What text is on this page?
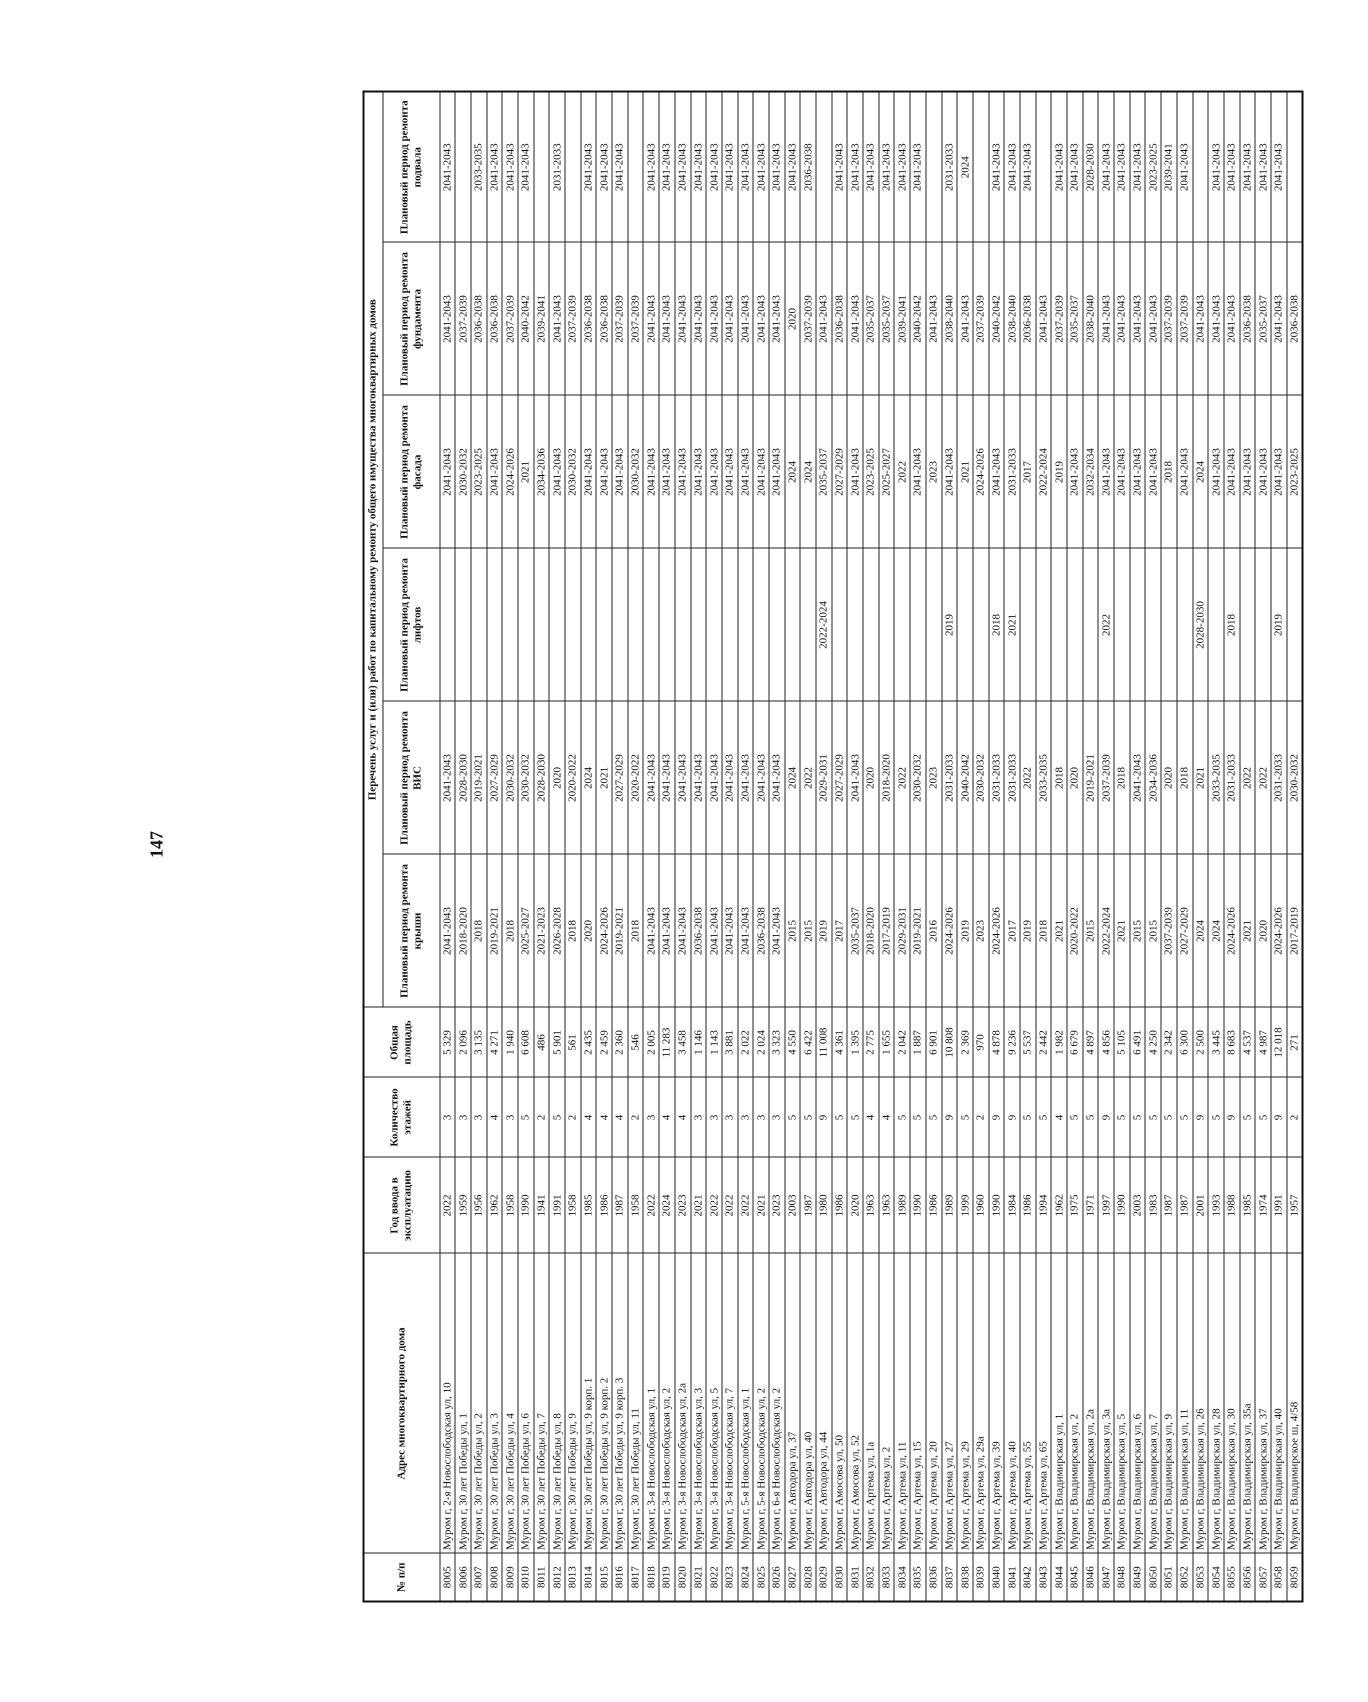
147
№ п/п	Адрес многоквартирного дома	Год ввода в эксплуатацию	Количество этажей	Общая площадь	Перечень услуг и (или) работ по капитальному ремонту общего имущества многоквартирных домов					
					Плановый период ремонта крыши	Плановый период ремонта ВИС	Плановый период ремонта лифтов	Плановый период ремонта фасада	Плановый период ремонта фундамента	Плановый период ремонта подвала
8005	Муром г, 2-я Новослободская ул, 10	2022	3	5 329	2041-2043	2041-2043		2041-2043	2041-2043	2041-2043
8006	Муром г, 30 лет Победы ул, 1	1959	3	2 096	2018-2020	2028-2030		2030-2032	2037-2039	
8007	Муром г, 30 лет Победы ул, 2	1956	3	3 135	2018	2019-2021		2023-2025	2036-2038	2033-2035
8008	Муром г, 30 лет Победы ул, 3	1962	4	4 271	2019-2021	2027-2029		2041-2043	2036-2038	2041-2043
8009	Муром г, 30 лет Победы ул, 4	1958	3	1 940	2018	2030-2032		2024-2026	2037-2039	2041-2043
8010	Муром г, 30 лет Победы ул, 6	1990	5	6 608	2025-2027	2030-2032		2021	2040-2042	2041-2043
8011	Муром г, 30 лет Победы ул, 7	1941	2	486	2021-2023	2028-2030		2034-2036	2039-2041	
8012	Муром г, 30 лет Победы ул, 8	1991	5	5 901	2026-2028	2020		2041-2043	2041-2043	2031-2033
8013	Муром г, 30 лет Победы ул, 9	1958	2	561	2018	2020-2022		2030-2032	2037-2039	
8014	Муром г, 30 лет Победы ул, 9 корп. 1	1985	4	2 435	2020	2024		2041-2043	2036-2038	2041-2043
8015	Муром г, 30 лет Победы ул, 9 корп. 2	1986	4	2 459	2024-2026	2021		2041-2043	2036-2038	2041-2043
8016	Муром г, 30 лет Победы ул, 9 корп. 3	1987	4	2 360	2019-2021	2027-2029		2041-2043	2037-2039	2041-2043
8017	Муром г, 30 лет Победы ул, 11	1958	2	546	2018	2020-2022		2030-2032	2037-2039	
8018	Муром г, 3-я Новослободская ул, 1	2022	3	2 005	2041-2043	2041-2043		2041-2043	2041-2043	2041-2043
8019	Муром г, 3-я Новослободская ул, 2	2024	4	11 283	2041-2043	2041-2043		2041-2043	2041-2043	2041-2043
8020	Муром г, 3-я Новослободская ул, 2а	2023	4	3 458	2041-2043	2041-2043		2041-2043	2041-2043	2041-2043
8021	Муром г, 3-я Новослободская ул, 3	2021	3	1 146	2036-2038	2041-2043		2041-2043	2041-2043	2041-2043
8022	Муром г, 3-я Новослободская ул, 5	2022	3	1 143	2041-2043	2041-2043		2041-2043	2041-2043	2041-2043
8023	Муром г, 3-я Новослободская ул, 7	2022	3	3 881	2041-2043	2041-2043		2041-2043	2041-2043	2041-2043
8024	Муром г, 5-я Новослободская ул, 1	2022	3	2 022	2041-2043	2041-2043		2041-2043	2041-2043	2041-2043
8025	Муром г, 5-я Новослободская ул, 2	2021	3	2 024	2036-2038	2041-2043		2041-2043	2041-2043	2041-2043
8026	Муром г, 6-я Новослободская ул, 2	2023	3	3 323	2041-2043	2041-2043		2041-2043	2041-2043	2041-2043
8027	Муром г, Автодора ул, 37	2003	5	4 550	2015	2024		2024	2020	2041-2043
8028	Муром г, Автодора ул, 40	1987	5	6 422	2015	2022		2024	2037-2039	2036-2038
8029	Муром г, Автодора ул, 44	1980	9	11 008	2019	2029-2031	2022-2024	2035-2037	2041-2043	
8030	Муром г, Амосова ул, 50	1986	5	4 361	2017	2027-2029		2027-2029	2036-2038	2041-2043
8031	Муром г, Амосова ул, 52	2020	5	1 395	2035-2037	2041-2043		2041-2043	2041-2043	2041-2043
8032	Муром г, Артема ул, 1а	1963	4	2 775	2018-2020	2020		2023-2025	2035-2037	2041-2043
8033	Муром г, Артема ул, 2	1963	4	1 655	2017-2019	2018-2020		2025-2027	2035-2037	2041-2043
8034	Муром г, Артема ул, 11	1989	5	2 042	2029-2031	2022		2022	2039-2041	2041-2043
8035	Муром г, Артема ул, 15	1990	5	1 887	2019-2021	2030-2032		2041-2043	2040-2042	2041-2043
8036	Муром г, Артема ул, 20	1986	5	6 901	2016	2023		2023	2041-2043	
8037	Муром г, Артема ул, 27	1989	9	10 808	2024-2026	2031-2033	2019	2041-2043	2038-2040	2031-2033
8038	Муром г, Артема ул, 29	1999	5	2 369	2019	2040-2042		2021	2041-2043	2024
8039	Муром г, Артема ул, 29а	1960	2	970	2023	2030-2032		2024-2026	2037-2039	
8040	Муром г, Артема ул, 39	1990	9	4 878	2024-2026	2031-2033	2018	2041-2043	2040-2042	2041-2043
8041	Муром г, Артема ул, 40	1984	9	9 236	2017	2031-2033	2021	2031-2033	2038-2040	2041-2043
8042	Муром г, Артема ул, 55	1986	5	5 537	2019	2022		2017	2036-2038	2041-2043
8043	Муром г, Артема ул, 65	1994	5	2 442	2018	2033-2035		2022-2024	2041-2043	
8044	Муром г, Владимирская ул, 1	1962	4	1 982	2021	2018		2019	2037-2039	2041-2043
8045	Муром г, Владимирская ул, 2	1975	5	6 679	2020-2022	2020		2041-2043	2035-2037	2041-2043
8046	Муром г, Владимирская ул, 2а	1971	5	4 897	2015	2019-2021		2032-2034	2038-2040	2028-2030
8047	Муром г, Владимирская ул, 3а	1997	9	4 856	2022-2024	2037-2039	2022	2041-2043	2041-2043	2041-2043
8048	Муром г, Владимирская ул, 5	1990	5	5 105	2021	2018		2041-2043	2041-2043	2041-2043
8049	Муром г, Владимирская ул, 6	2003	5	6 491	2015	2041-2043		2041-2043	2041-2043	2041-2043
8050	Муром г, Владимирская ул, 7	1983	5	4 250	2015	2034-2036		2041-2043	2041-2043	2023-2025
8051	Муром г, Владимирская ул, 9	1987	5	2 342	2037-2039	2020		2018	2037-2039	2039-2041
8052	Муром г, Владимирская ул, 11	1987	5	6 300	2027-2029	2018		2041-2043	2037-2039	2041-2043
8053	Муром г, Владимирская ул, 26	2001	9	2 500	2024	2021	2028-2030	2024	2041-2043	
8054	Муром г, Владимирская ул, 28	1993	5	3 445	2024	2033-2035		2041-2043	2041-2043	2041-2043
8055	Муром г, Владимирская ул, 30	1988	9	8 683	2024-2026	2031-2033	2018	2041-2043	2041-2043	2041-2043
8056	Муром г, Владимирская ул, 35а	1985	5	4 537	2021	2022		2041-2043	2036-2038	2041-2043
8057	Муром г, Владимирская ул, 37	1974	5	4 987	2020	2022		2041-2043	2035-2037	2041-2043
8058	Муром г, Владимирская ул, 40	1991	9	12 018	2024-2026	2031-2033	2019	2041-2043	2041-2043	2041-2043
8059	Муром г, Владимирское ш, 4/58	1957	2	271	2017-2019	2030-2032		2023-2025	2036-2038	
